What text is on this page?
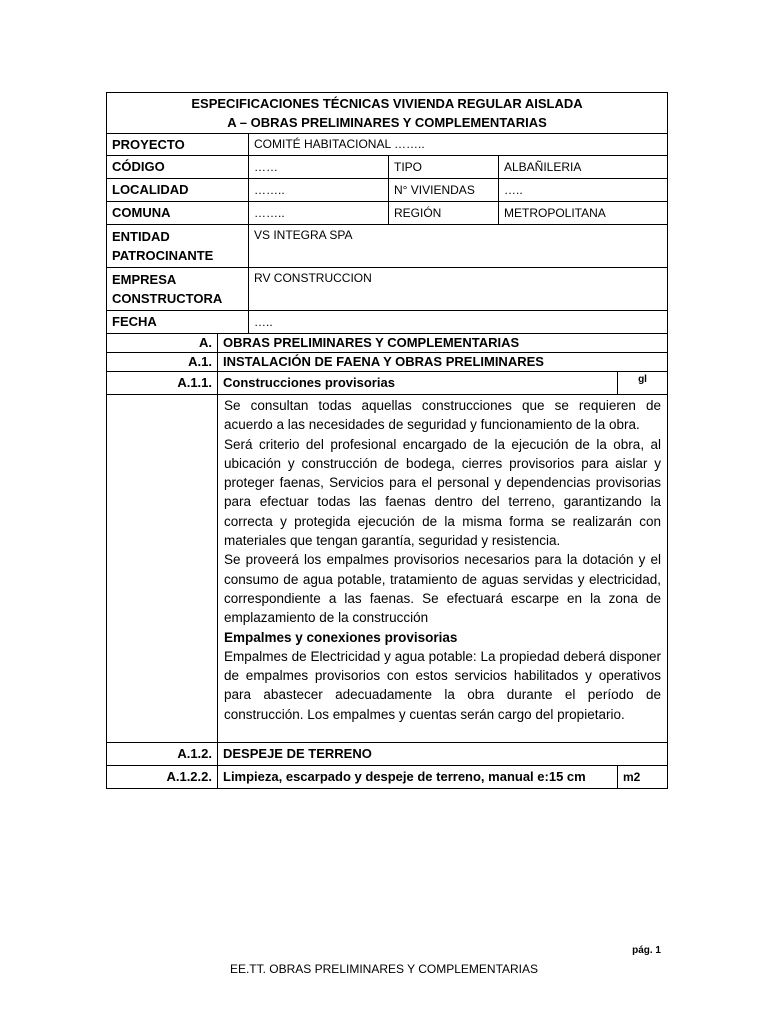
ESPECIFICACIONES TÉCNICAS VIVIENDA REGULAR AISLADA
A – OBRAS PRELIMINARES Y COMPLEMENTARIAS			

PROYECTO	COMITÉ HABITACIONAL ……..		
CÓDIGO	……	TIPO	ALBAÑILERIA
LOCALIDAD	……..	N° VIVIENDAS	…..
COMUNA	……..	REGIÓN	METROPOLITANA

ENTIDAD
PATROCINANTE	VS INTEGRA SPA		

EMPRESA
CONSTRUCTORA	RV CONSTRUCCION		
FECHA	…..		
A.	OBRAS PRELIMINARES Y COMPLEMENTARIAS	
A.1.	INSTALACIÓN DE FAENA Y OBRAS PRELIMINARES	
A.1.1.	Construcciones provisorias	gl

	Se consultan todas aquellas construcciones que se requieren de acuerdo a las necesidades de seguridad y funcionamiento de la obra.

Será criterio del profesional encargado de la ejecución de la obra, al ubicación y construcción de bodega, cierres provisorios para aislar y proteger faenas, Servicios para el personal y dependencias provisorias para efectuar todas las faenas dentro del terreno, garantizando la correcta y protegida ejecución de la misma forma se realizarán con materiales que tengan garantía, seguridad y resistencia.

Se proveerá los empalmes provisorios necesarios para la dotación y el consumo de agua potable, tratamiento de aguas servidas y electricidad, correspondiente a las faenas. Se efectuará escarpe en la zona de emplazamiento de la construcción

Empalmes y conexiones provisorias

Empalmes de Electricidad y agua potable: La propiedad deberá disponer de empalmes provisorios con estos servicios habilitados y operativos para abastecer adecuadamente la obra durante el período de construcción. Los empalmes y cuentas serán cargo del propietario.	

A.1.2.	DESPEJE DE TERRENO	
A.1.2.2.	Limpieza, escarpado y despeje de terreno, manual e:15 cm	m2
pág. 1
EE.TT. OBRAS PRELIMINARES Y COMPLEMENTARIAS
